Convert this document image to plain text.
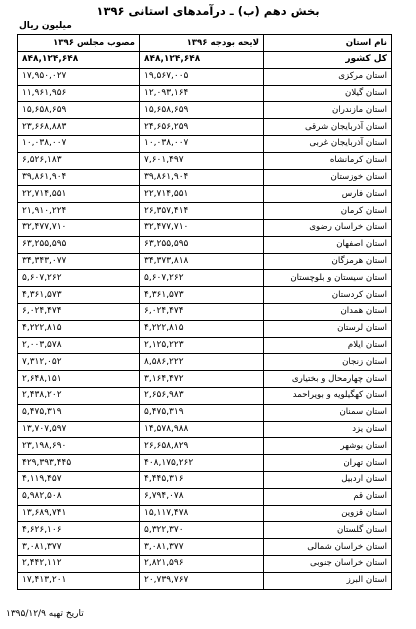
بخش دهم (ب) ـ درآمدهای استانی ۱۳۹۶
میلیون ریال
نام استان	لایحه بودجه ۱۳۹۶	مصوب مجلس ۱۳۹۶
کل کشور	۸۴۸,۱۲۴,۶۴۸	۸۴۸,۱۲۴,۶۴۸
استان مرکزی	۱۹,۵۶۷,۰۰۵	۱۷,۹۵۰,۰۲۷
استان گیلان	۱۲,۰۹۳,۱۶۴	۱۱,۹۶۱,۹۵۶
استان مازندران	۱۵,۶۵۸,۶۵۹	۱۵,۶۵۸,۶۵۹
استان آذربایجان شرقی	۲۴,۶۵۶,۲۵۹	۲۳,۶۶۸,۸۸۳
استان آذربایجان غربی	۱۰,۰۳۸,۰۰۷	۱۰,۰۳۸,۰۰۷
استان کرمانشاه	۷,۶۰۱,۴۹۷	۶,۵۲۶,۱۸۳
استان خوزستان	۳۹,۸۶۱,۹۰۴	۳۹,۸۶۱,۹۰۴
استان فارس	۲۲,۷۱۴,۵۵۱	۲۲,۷۱۴,۵۵۱
استان کرمان	۲۶,۳۵۷,۴۱۴	۲۱,۹۱۰,۲۲۴
استان خراسان رضوی	۳۲,۴۷۷,۷۱۰	۳۲,۴۷۷,۷۱۰
استان اصفهان	۶۳,۲۵۵,۵۹۵	۶۳,۲۵۵,۵۹۵
استان هرمزگان	۳۴,۳۷۳,۸۱۸	۳۴,۳۴۳,۰۷۷
استان سیستان و بلوچستان	۵,۶۰۷,۲۶۲	۵,۶۰۷,۲۶۲
استان کردستان	۴,۳۶۱,۵۷۳	۴,۳۶۱,۵۷۳
استان همدان	۶,۰۲۴,۴۷۴	۶,۰۲۴,۴۷۴
استان لرستان	۴,۲۲۲,۸۱۵	۴,۲۲۲,۸۱۵
استان ایلام	۲,۱۲۵,۲۲۳	۲,۰۰۳,۵۷۸
استان زنجان	۸,۵۸۶,۲۲۲	۷,۳۱۲,۰۵۲
استان چهارمحال و بختیاری	۳,۱۶۴,۴۷۲	۲,۶۴۸,۱۵۱
استان کهگیلویه و بویراحمد	۲,۶۵۶,۹۸۳	۲,۴۳۸,۲۰۲
استان سمنان	۵,۴۷۵,۳۱۹	۵,۴۷۵,۳۱۹
استان یزد	۱۴,۵۷۸,۹۸۸	۱۳,۷۰۷,۵۹۷
استان بوشهر	۲۶,۶۵۸,۸۲۹	۲۳,۱۹۸,۶۹۰
استان تهران	۴۰۸,۱۷۵,۲۶۲	۴۲۹,۳۹۳,۴۴۵
استان اردبیل	۴,۴۴۵,۳۱۶	۴,۱۱۹,۴۵۷
استان قم	۶,۷۹۴,۰۷۸	۵,۹۸۲,۵۰۸
استان قزوین	۱۵,۱۱۷,۴۷۸	۱۳,۶۸۹,۷۴۱
استان گلستان	۵,۳۲۲,۳۷۰	۴,۶۲۶,۱۰۶
استان خراسان شمالی	۳,۰۸۱,۳۷۷	۳,۰۸۱,۳۷۷
استان خراسان جنوبی	۲,۸۲۱,۵۹۶	۲,۴۴۲,۱۱۲
استان البرز	۲۰,۷۳۹,۷۶۷	۱۷,۴۱۳,۲۰۱
تاریخ تهیه ۱۳۹۵/۱۲/۹
